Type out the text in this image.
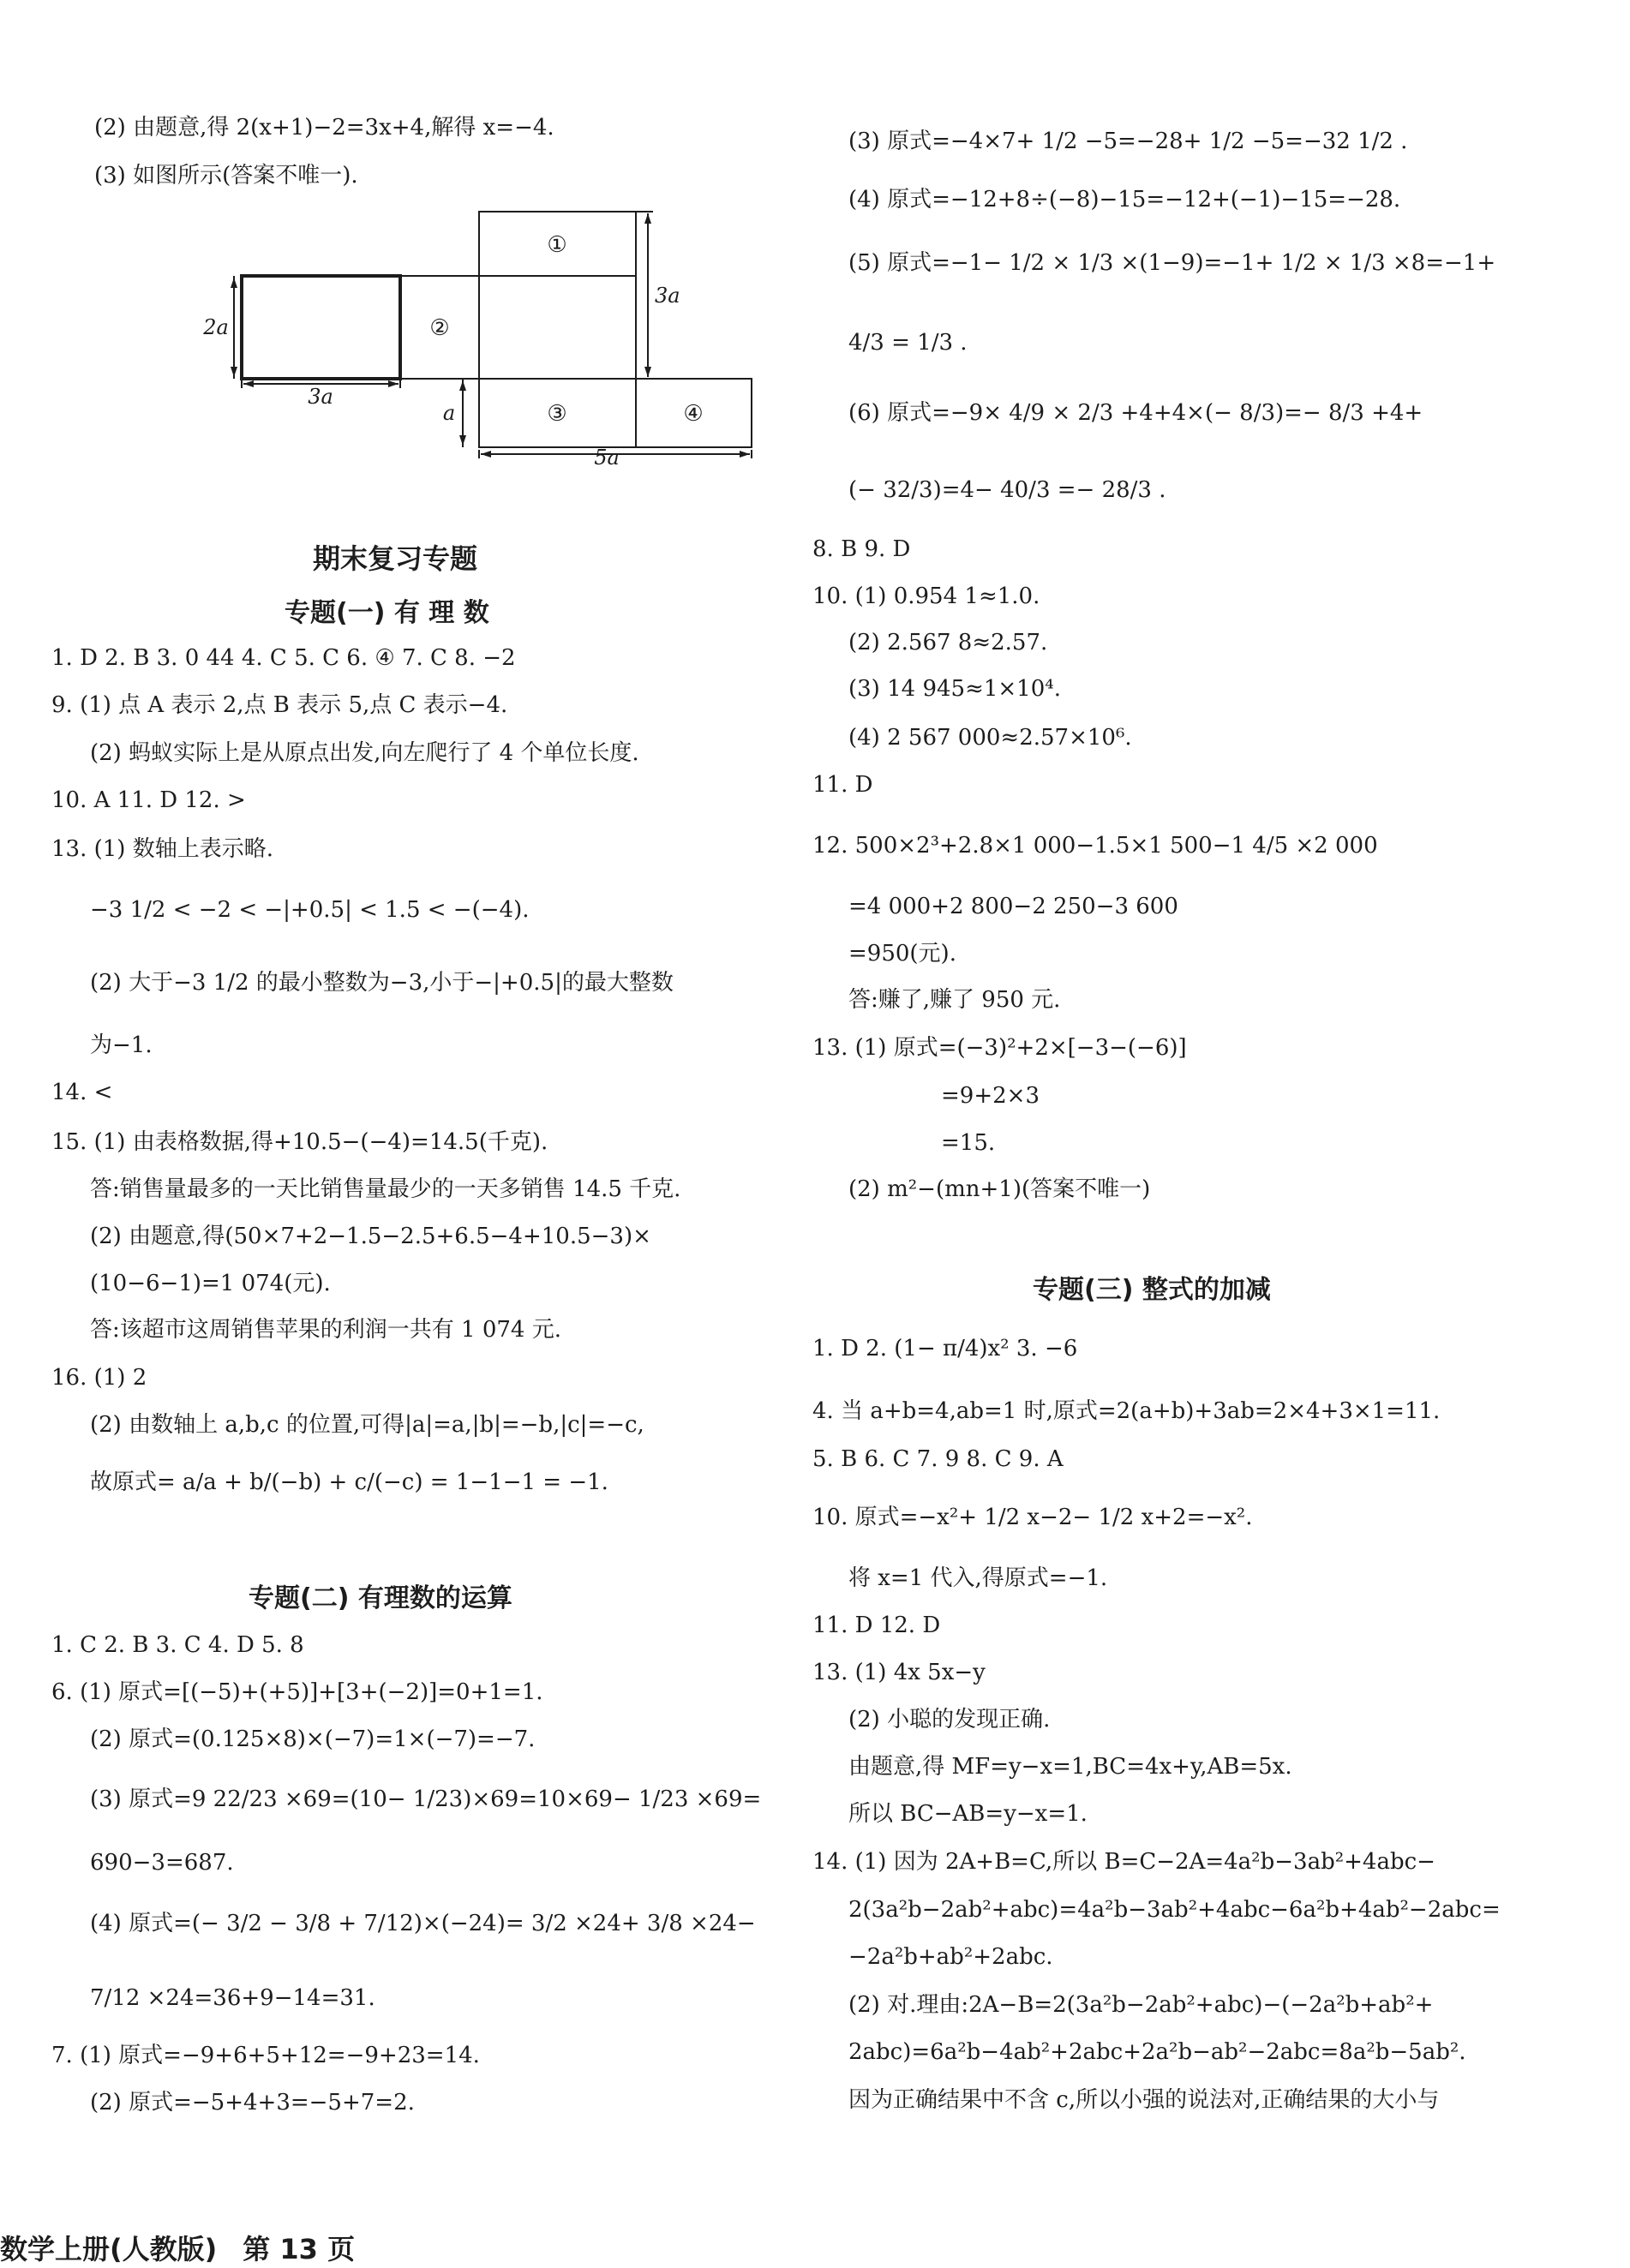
(2) 由题意,得 2(x+1)−2=3x+4,解得 x=−4.
(3) 如图所示(答案不唯一).
①
②
③	④
2a
3a
3a
a
5a
期末复习专题
专题(一) 有 理 数
1. D 2. B 3. 0 44 4. C 5. C 6. ④ 7. C 8. −2
9. (1) 点 A 表示 2,点 B 表示 5,点 C 表示−4.
(2) 蚂蚁实际上是从原点出发,向左爬行了 4 个单位长度.
10. A 11. D 12. >
13. (1) 数轴上表示略.
−3 1/2 < −2 < −|+0.5| < 1.5 < −(−4).
(2) 大于−3 1/2 的最小整数为−3,小于−|+0.5|的最大整数
为−1.
14. <
15. (1) 由表格数据,得+10.5−(−4)=14.5(千克).
答:销售量最多的一天比销售量最少的一天多销售 14.5 千克.
(2) 由题意,得(50×7+2−1.5−2.5+6.5−4+10.5−3)×
(10−6−1)=1 074(元).
答:该超市这周销售苹果的利润一共有 1 074 元.
16. (1) 2
(2) 由数轴上 a,b,c 的位置,可得|a|=a,|b|=−b,|c|=−c,
故原式= a/a + b/(−b) + c/(−c) = 1−1−1 = −1.
专题(二) 有理数的运算
1. C 2. B 3. C 4. D 5. 8
6. (1) 原式=[(−5)+(+5)]+[3+(−2)]=0+1=1.
(2) 原式=(0.125×8)×(−7)=1×(−7)=−7.
(3) 原式=9 22/23 ×69=(10− 1/23)×69=10×69− 1/23 ×69=
690−3=687.
(4) 原式=(− 3/2 − 3/8 + 7/12)×(−24)= 3/2 ×24+ 3/8 ×24−
7/12 ×24=36+9−14=31.
7. (1) 原式=−9+6+5+12=−9+23=14.
(2) 原式=−5+4+3=−5+7=2.
(3) 原式=−4×7+ 1/2 −5=−28+ 1/2 −5=−32 1/2 .
(4) 原式=−12+8÷(−8)−15=−12+(−1)−15=−28.
(5) 原式=−1− 1/2 × 1/3 ×(1−9)=−1+ 1/2 × 1/3 ×8=−1+
4/3 = 1/3 .
(6) 原式=−9× 4/9 × 2/3 +4+4×(− 8/3)=− 8/3 +4+
(− 32/3)=4− 40/3 =− 28/3 .
8. B 9. D
10. (1) 0.954 1≈1.0.
(2) 2.567 8≈2.57.
(3) 14 945≈1×10⁴.
(4) 2 567 000≈2.57×10⁶.
11. D
12. 500×2³+2.8×1 000−1.5×1 500−1 4/5 ×2 000
=4 000+2 800−2 250−3 600
=950(元).
答:赚了,赚了 950 元.
13. (1) 原式=(−3)²+2×[−3−(−6)]
=9+2×3
=15.
(2) m²−(mn+1)(答案不唯一)
专题(三) 整式的加减
1. D 2. (1− π/4)x² 3. −6
4. 当 a+b=4,ab=1 时,原式=2(a+b)+3ab=2×4+3×1=11.
5. B 6. C 7. 9 8. C 9. A
10. 原式=−x²+ 1/2 x−2− 1/2 x+2=−x².
将 x=1 代入,得原式=−1.
11. D 12. D
13. (1) 4x 5x−y
(2) 小聪的发现正确.
由题意,得 MF=y−x=1,BC=4x+y,AB=5x.
所以 BC−AB=y−x=1.
14. (1) 因为 2A+B=C,所以 B=C−2A=4a²b−3ab²+4abc−
2(3a²b−2ab²+abc)=4a²b−3ab²+4abc−6a²b+4ab²−2abc=
−2a²b+ab²+2abc.
(2) 对.理由:2A−B=2(3a²b−2ab²+abc)−(−2a²b+ab²+
2abc)=6a²b−4ab²+2abc+2a²b−ab²−2abc=8a²b−5ab².
因为正确结果中不含 c,所以小强的说法对,正确结果的大小与
数学上册(人教版) 第 13 页
